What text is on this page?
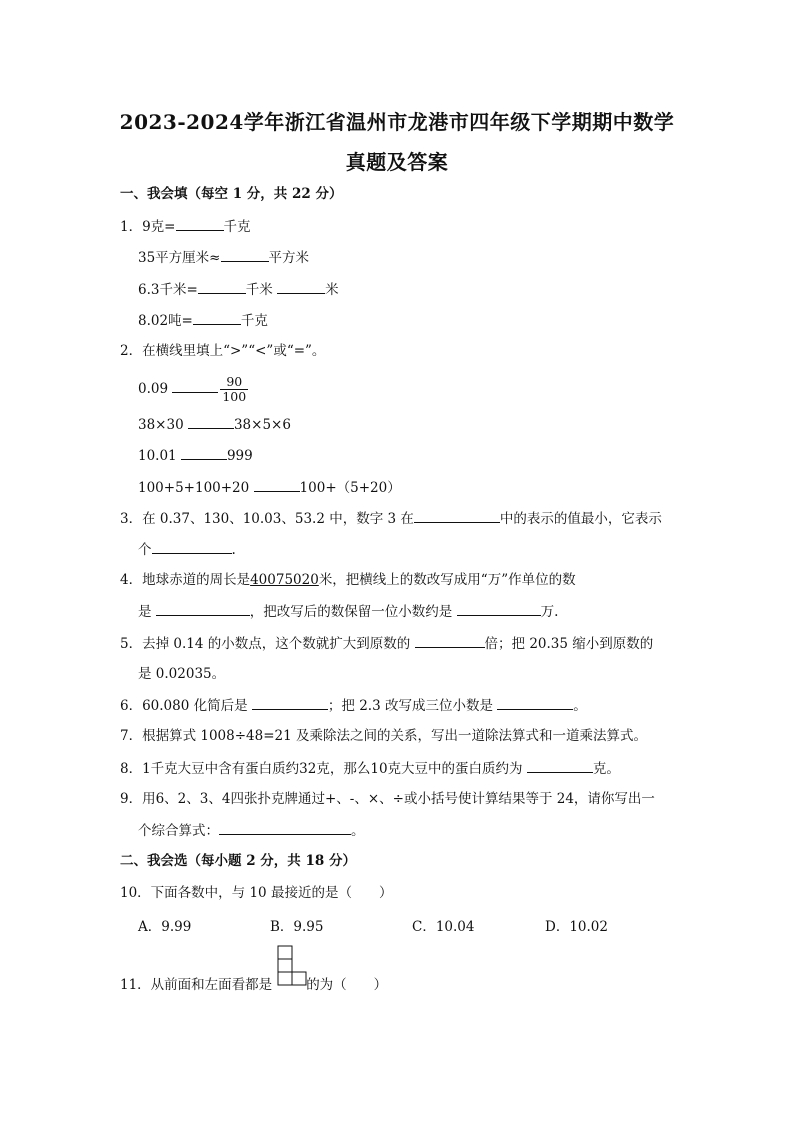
2023-2024学年浙江省温州市龙港市四年级下学期期中数学
真题及答案
一、我会填（每空 1 分，共 22 分）
1．9克=	千克
35平方厘米≈	平方米
6.3千米=	千米	米
8.02吨=	千克
2．在横线里填上“>”“<”或“=”。
0.09	$\frac{90}{100}$
38×30	38×5×6
10.01	999
100+5+100+20	100+（5+20）
3．在 0.37、130、10.03、53.2 中，数字 3 在	中的表示的值最小，它表示
个	.
4．地球赤道的周长是40075020米，把横线上的数改写成用“万”作单位的数
是	，把改写后的数保留一位小数约是	万.
5．去掉 0.14 的小数点，这个数就扩大到原数的	倍；把 20.35 缩小到原数的
是 0.02035。
6．60.080 化简后是	；把 2.3 改写成三位小数是	。
7．根据算式 1008÷48=21 及乘除法之间的关系，写出一道除法算式和一道乘法算式。
8．1千克大豆中含有蛋白质约32克，那么10克大豆中的蛋白质约为	克。
9．用6、2、3、4四张扑克牌通过+、-、×、÷或小括号使计算结果等于 24，请你写出一
个综合算式：	。
二、我会选（每小题 2 分，共 18 分）
10．下面各数中，与 10 最接近的是（　　）
A．9.99	B．9.95	C．10.04	D．10.02
11．从前面和左面看都是	的为（　　）
